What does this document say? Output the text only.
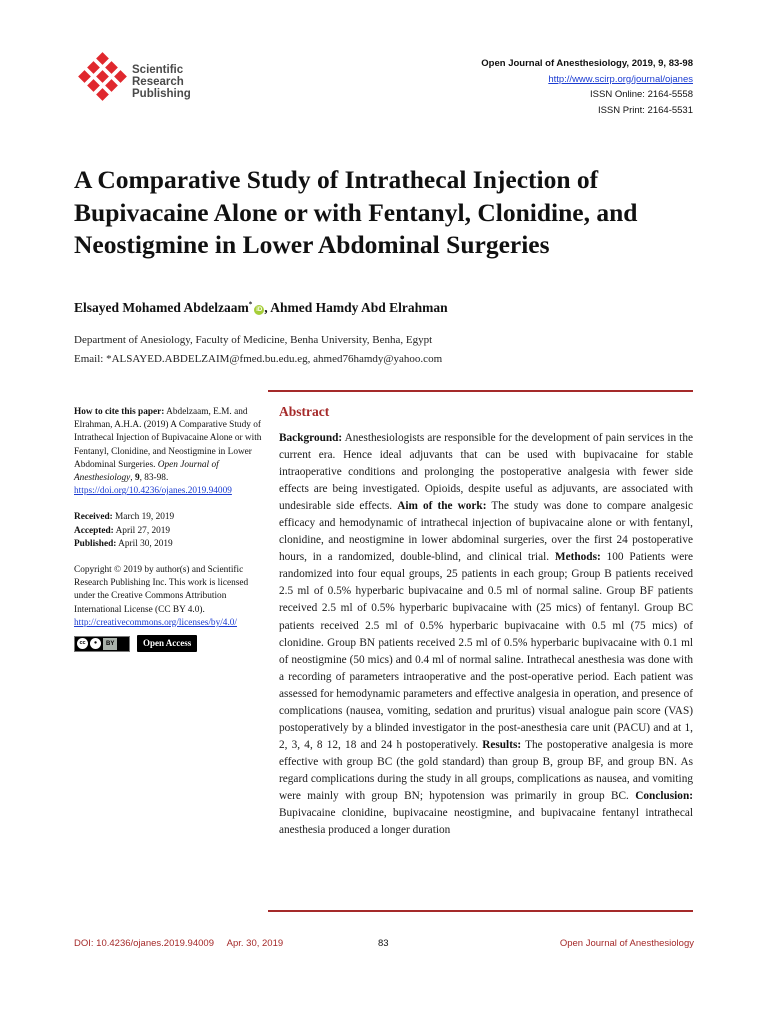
Scientific
Research
Publishing
Open Journal of Anesthesiology, 2019, 9, 83-98
http://www.scirp.org/journal/ojanes
ISSN Online: 2164-5558
ISSN Print: 2164-5531
A Comparative Study of Intrathecal Injection of Bupivacaine Alone or with Fentanyl, Clonidine, and Neostigmine in Lower Abdominal Surgeries
Elsayed Mohamed Abdelzaam*iD , Ahmed Hamdy Abd Elrahman
Department of Anesiology, Faculty of Medicine, Benha University, Benha, Egypt
Email: *ALSAYED.ABDELZAIM@fmed.bu.edu.eg, ahmed76hamdy@yahoo.com

How to cite this paper: Abdelzaam, E.M. and Elrahman, A.H.A. (2019) A Comparative Study of Intrathecal Injection of Bupivacaine Alone or with Fentanyl, Clonidine, and Neostigmine in Lower Abdominal Surgeries. Open Journal of Anesthesiology, 9, 83-98.

https://doi.org/10.4236/ojanes.2019.94009

Received: March 19, 2019

Accepted: April 27, 2019

Published: April 30, 2019

Copyright © 2019 by author(s) and Scientific Research Publishing Inc. This work is licensed under the Creative Commons Attribution International License (CC BY 4.0).

http://creativecommons.org/licenses/by/4.0/

cc	●	BY	Open Access
Abstract

Background: Anesthesiologists are responsible for the development of pain services in the current era. Hence ideal adjuvants that can be used with bupivacaine for stable intraoperative conditions and prolonging the postoperative analgesia with fewer side effects are being investigated. Opioids, despite useful as adjuvants, are associated with undesirable side effects. Aim of the work: The study was done to compare analgesic efficacy and hemodynamic of intrathecal injection of bupivacaine alone or with fentanyl, clonidine, and neostigmine in lower abdominal surgeries, over the first 24 postoperative hours, in a randomized, double-blind, and clinical trial. Methods: 100 Patients were randomized into four equal groups, 25 patients in each group; Group B patients received 2.5 ml of 0.5% hyperbaric bupivacaine and 0.5 ml of normal saline. Group BF patients received 2.5 ml of 0.5% hyperbaric bupivacaine with (25 mics) of fentanyl. Group BC patients received 2.5 ml of 0.5% hyperbaric bupivacaine with 0.5 ml (75 mics) of clonidine. Group BN patients received 2.5 ml of 0.5% hyperbaric bupivacaine with 0.1 ml of neostigmine (50 mics) and 0.4 ml of normal saline. Intrathecal anesthesia was done with a recording of parameters intraoperative and the post-operative period. Each patient was assessed for hemodynamic parameters and effective analgesia in operation, and presence of complications (nausea, vomiting, sedation and pruritus) visual analogue pain score (VAS) postoperatively by a blinded investigator in the post-anesthesia care unit (PACU) and at 1, 2, 3, 4, 8 12, 18 and 24 h postoperatively. Results: The postoperative analgesia is more effective with group BC (the gold standard) than group B, group BF, and group BN. As regard complications during the study in all groups, complications as nausea, and vomiting were mainly with group BN; hypotension was primarily in group BC. Conclusion: Bupivacaine clonidine, bupivacaine neostigmine, and bupivacaine fentanyl intrathecal anesthesia produced a longer duration

DOI: 10.4236/ojanes.2019.94009     Apr. 30, 2019	83	Open Journal of Anesthesiology
